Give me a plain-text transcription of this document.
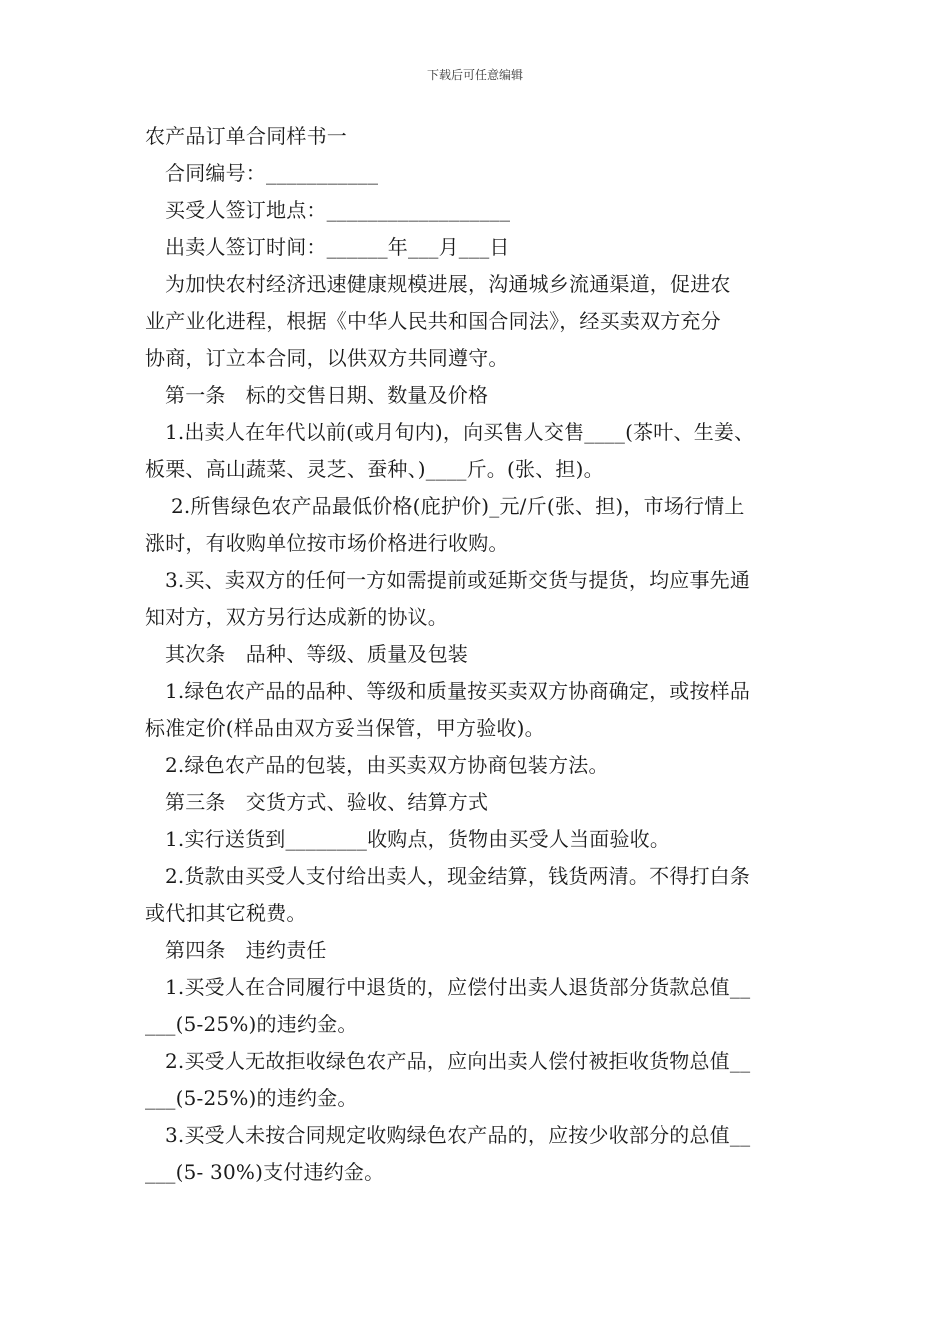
下载后可任意编辑
农产品订单合同样书一
合同编号：___________
买受人签订地点：__________________
出卖人签订时间：______年___月___日
为加快农村经济迅速健康规模进展，沟通城乡流通渠道，促进农
业产业化进程，根据《中华人民共和国合同法》，经买卖双方充分
协商，订立本合同，以供双方共同遵守。
第一条　标的交售日期、数量及价格
1.出卖人在年代以前(或月旬内)，向买售人交售____(茶叶、生姜、
板栗、高山蔬菜、灵芝、蚕种、)____斤。(张、担)。
2.所售绿色农产品最低价格(庇护价)_元/斤(张、担)，市场行情上
涨时，有收购单位按市场价格进行收购。
3.买、卖双方的任何一方如需提前或延斯交货与提货，均应事先通
知对方，双方另行达成新的协议。
其次条　品种、等级、质量及包装
1.绿色农产品的品种、等级和质量按买卖双方协商确定，或按样品
标准定价(样品由双方妥当保管，甲方验收)。
2.绿色农产品的包装，由买卖双方协商包装方法。
第三条　交货方式、验收、结算方式
1.实行送货到________收购点，货物由买受人当面验收。
2.货款由买受人支付给出卖人，现金结算，钱货两清。不得打白条
或代扣其它税费。
第四条　违约责任
1.买受人在合同履行中退货的，应偿付出卖人退货部分货款总值__
___(5-25%)的违约金。
2.买受人无故拒收绿色农产品，应向出卖人偿付被拒收货物总值__
___(5-25%)的违约金。
3.买受人未按合同规定收购绿色农产品的，应按少收部分的总值__
___(5- 30%)支付违约金。
